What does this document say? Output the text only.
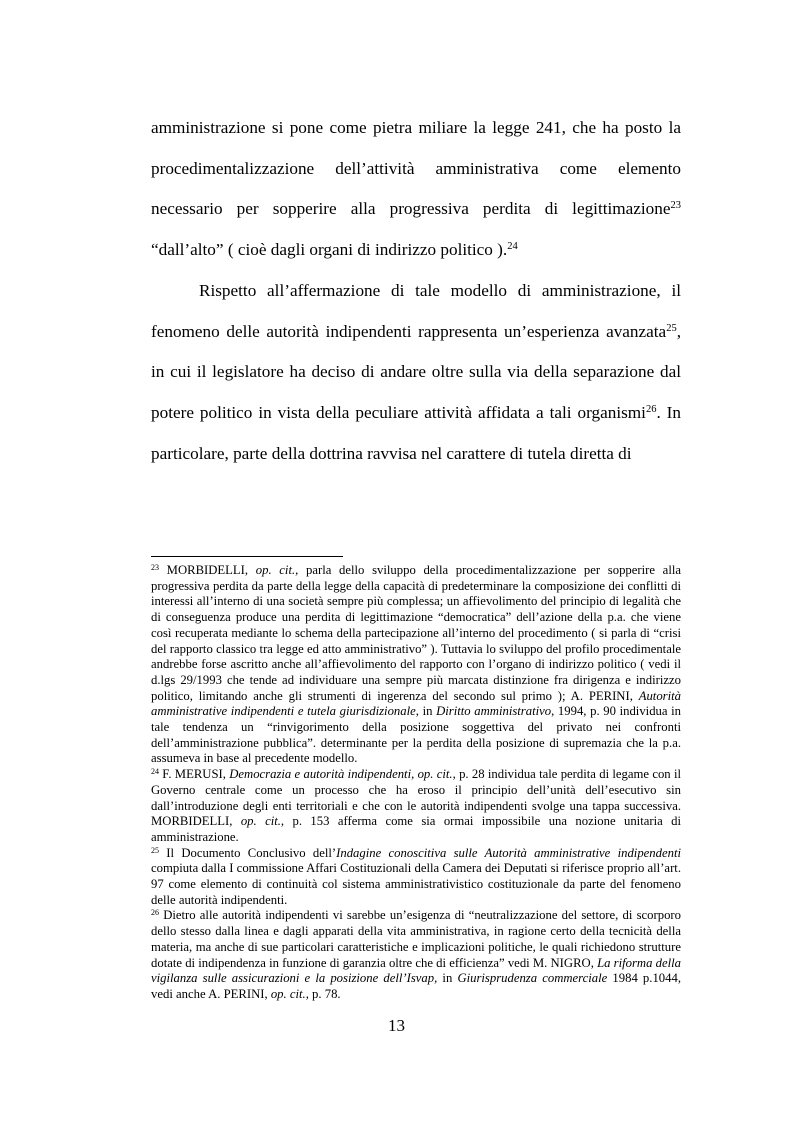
amministrazione si pone come pietra miliare la legge 241, che ha posto la procedimentalizzazione dell’attività amministrativa come elemento necessario per sopperire alla progressiva perdita di legittimazione$^{23}$ “dall’alto” ( cioè dagli organi di indirizzo politico ).$^{24}$

Rispetto all’affermazione di tale modello di amministrazione, il fenomeno delle autorità indipendenti rappresenta un’esperienza avanzata$^{25}$, in cui il legislatore ha deciso di andare oltre sulla via della separazione dal potere politico in vista della peculiare attività affidata a tali organismi$^{26}$. In particolare, parte della dottrina ravvisa nel carattere di tutela diretta di

$^{23}$ MORBIDELLI, op. cit., parla dello sviluppo della procedimentalizzazione per sopperire alla progressiva perdita da parte della legge della capacità di predeterminare la composizione dei conflitti di interessi all’interno di una società sempre più complessa; un affievolimento del principio di legalità che di conseguenza produce una perdita di legittimazione “democratica” dell’azione della p.a. che viene così recuperata mediante lo schema della partecipazione all’interno del procedimento ( si parla di “crisi del rapporto classico tra legge ed atto amministrativo” ). Tuttavia lo sviluppo del profilo procedimentale andrebbe forse ascritto anche all’affievolimento del rapporto con l’organo di indirizzo politico ( vedi il d.lgs 29/1993 che tende ad individuare una sempre più marcata distinzione fra dirigenza e indirizzo politico, limitando anche gli strumenti di ingerenza del secondo sul primo ); A. PERINI, Autorità amministrative indipendenti e tutela giurisdizionale, in Diritto amministrativo, 1994, p. 90 individua in tale tendenza un “rinvigorimento della posizione soggettiva del privato nei confronti dell’amministrazione pubblica”. determinante per la perdita della posizione di supremazia che la p.a. assumeva in base al precedente modello.

$^{24}$ F. MERUSI, Democrazia e autorità indipendenti, op. cit., p. 28 individua tale perdita di legame con il Governo centrale come un processo che ha eroso il principio dell’unità dell’esecutivo sin dall’introduzione degli enti territoriali e che con le autorità indipendenti svolge una tappa successiva. MORBIDELLI, op. cit., p. 153 afferma come sia ormai impossibile una nozione unitaria di amministrazione.

$^{25}$ Il Documento Conclusivo dell’Indagine conoscitiva sulle Autorità amministrative indipendenti compiuta dalla I commissione Affari Costituzionali della Camera dei Deputati si riferisce proprio all’art. 97 come elemento di continuità col sistema amministrativistico costituzionale da parte del fenomeno delle autorità indipendenti.

$^{26}$ Dietro alle autorità indipendenti vi sarebbe un’esigenza di “neutralizzazione del settore, di scorporo dello stesso dalla linea e dagli apparati della vita amministrativa, in ragione certo della tecnicità della materia, ma anche di sue particolari caratteristiche e implicazioni politiche, le quali richiedono strutture dotate di indipendenza in funzione di garanzia oltre che di efficienza” vedi M. NIGRO, La riforma della vigilanza sulle assicurazioni e la posizione dell’Isvap, in Giurisprudenza commerciale 1984 p.1044, vedi anche A. PERINI, op. cit., p. 78.

13
